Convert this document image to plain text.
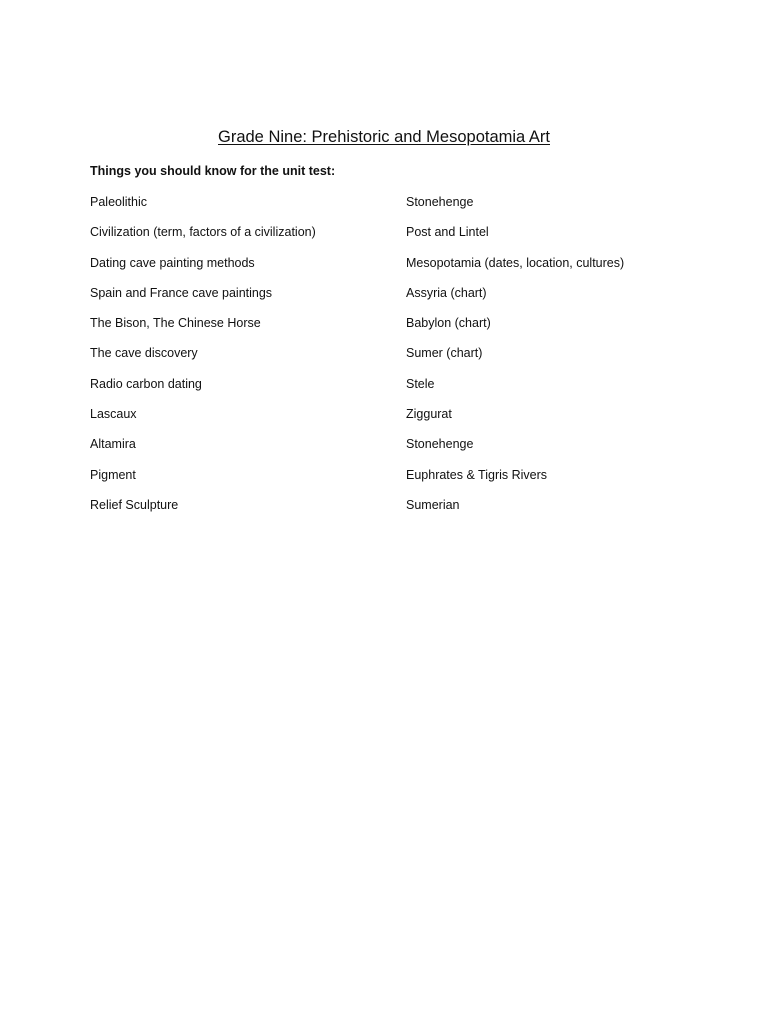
Grade Nine: Prehistoric and Mesopotamia Art
Things you should know for the unit test:
Paleolithic
Civilization (term, factors of a civilization)
Dating cave painting methods
Spain and France cave paintings
The Bison, The Chinese Horse
The cave discovery
Radio carbon dating
Lascaux
Altamira
Pigment
Relief Sculpture
Stonehenge
Post and Lintel
Mesopotamia (dates, location, cultures)
Assyria (chart)
Babylon (chart)
Sumer (chart)
Stele
Ziggurat
Stonehenge
Euphrates & Tigris Rivers
Sumerian
